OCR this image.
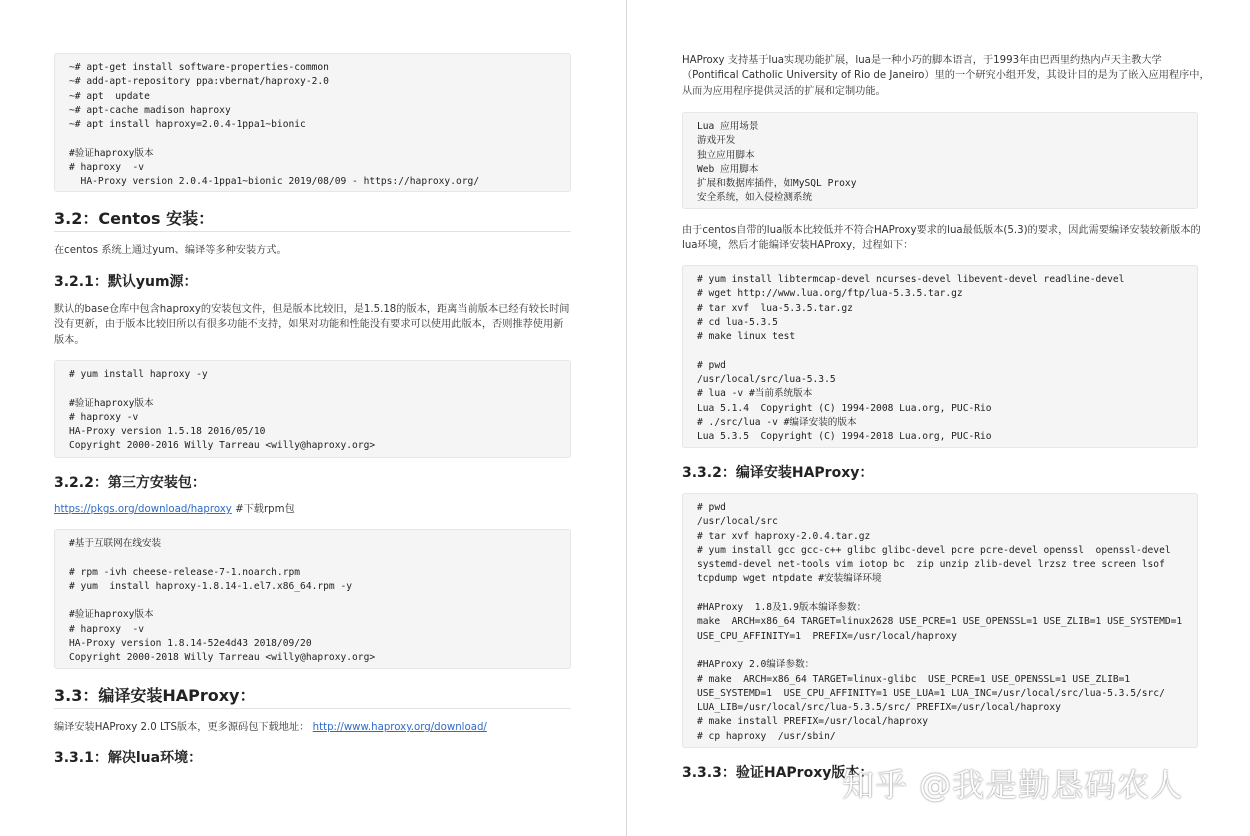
~# apt-get install software-properties-common
~# add-apt-repository ppa:vbernat/haproxy-2.0
~# apt  update
~# apt-cache madison haproxy
~# apt install haproxy=2.0.4-1ppa1~bionic
#验证haproxy版本
# haproxy  -v
HA-Proxy version 2.0.4-1ppa1~bionic 2019/08/09 - https://haproxy.org/
3.2：Centos 安装：
在centos 系统上通过yum、编译等多种安装方式。
3.2.1：默认yum源：
默认的base仓库中包含haproxy的安装包文件，但是版本比较旧，是1.5.18的版本，距离当前版本已经有较长时间
没有更新，由于版本比较旧所以有很多功能不支持，如果对功能和性能没有要求可以使用此版本，否则推荐使用新
版本。
# yum install haproxy -y
#验证haproxy版本
# haproxy -v
HA-Proxy version 1.5.18 2016/05/10
Copyright 2000-2016 Willy Tarreau <willy@haproxy.org>
3.2.2：第三方安装包：
https://pkgs.org/download/haproxy #下载rpm包
#基于互联网在线安装
# rpm -ivh cheese-release-7-1.noarch.rpm
# yum  install haproxy-1.8.14-1.el7.x86_64.rpm -y
#验证haproxy版本
# haproxy  -v
HA-Proxy version 1.8.14-52e4d43 2018/09/20
Copyright 2000-2018 Willy Tarreau <willy@haproxy.org>
3.3：编译安装HAProxy：
编译安装HAProxy 2.0 LTS版本，更多源码包下载地址： http://www.haproxy.org/download/
3.3.1：解决lua环境：
HAProxy 支持基于lua实现功能扩展，lua是一种小巧的脚本语言，于1993年由巴西里约热内卢天主教大学
（Pontifical Catholic University of Rio de Janeiro）里的一个研究小组开发，其设计目的是为了嵌入应用程序中，
从而为应用程序提供灵活的扩展和定制功能。
Lua 应用场景
游戏开发
独立应用脚本
Web 应用脚本
扩展和数据库插件，如MySQL Proxy
安全系统，如入侵检测系统
由于centos自带的lua版本比较低并不符合HAProxy要求的lua最低版本(5.3)的要求，因此需要编译安装较新版本的
lua环境，然后才能编译安装HAProxy，过程如下：
# yum install libtermcap-devel ncurses-devel libevent-devel readline-devel
# wget http://www.lua.org/ftp/lua-5.3.5.tar.gz
# tar xvf  lua-5.3.5.tar.gz
# cd lua-5.3.5
# make linux test
# pwd
/usr/local/src/lua-5.3.5
# lua -v #当前系统版本
Lua 5.1.4  Copyright (C) 1994-2008 Lua.org, PUC-Rio
# ./src/lua -v #编译安装的版本
Lua 5.3.5  Copyright (C) 1994-2018 Lua.org, PUC-Rio
3.3.2：编译安装HAProxy：
# pwd
/usr/local/src
# tar xvf haproxy-2.0.4.tar.gz
# yum install gcc gcc-c++ glibc glibc-devel pcre pcre-devel openssl  openssl-devel
systemd-devel net-tools vim iotop bc  zip unzip zlib-devel lrzsz tree screen lsof
tcpdump wget ntpdate #安装编译环境
#HAProxy  1.8及1.9版本编译参数：
make  ARCH=x86_64 TARGET=linux2628 USE_PCRE=1 USE_OPENSSL=1 USE_ZLIB=1 USE_SYSTEMD=1
USE_CPU_AFFINITY=1  PREFIX=/usr/local/haproxy
#HAProxy 2.0编译参数：
# make  ARCH=x86_64 TARGET=linux-glibc  USE_PCRE=1 USE_OPENSSL=1 USE_ZLIB=1
USE_SYSTEMD=1  USE_CPU_AFFINITY=1 USE_LUA=1 LUA_INC=/usr/local/src/lua-5.3.5/src/
LUA_LIB=/usr/local/src/lua-5.3.5/src/ PREFIX=/usr/local/haproxy
# make install PREFIX=/usr/local/haproxy
# cp haproxy  /usr/sbin/
3.3.3：验证HAProxy版本：
知乎 @我是勤恳码农人
